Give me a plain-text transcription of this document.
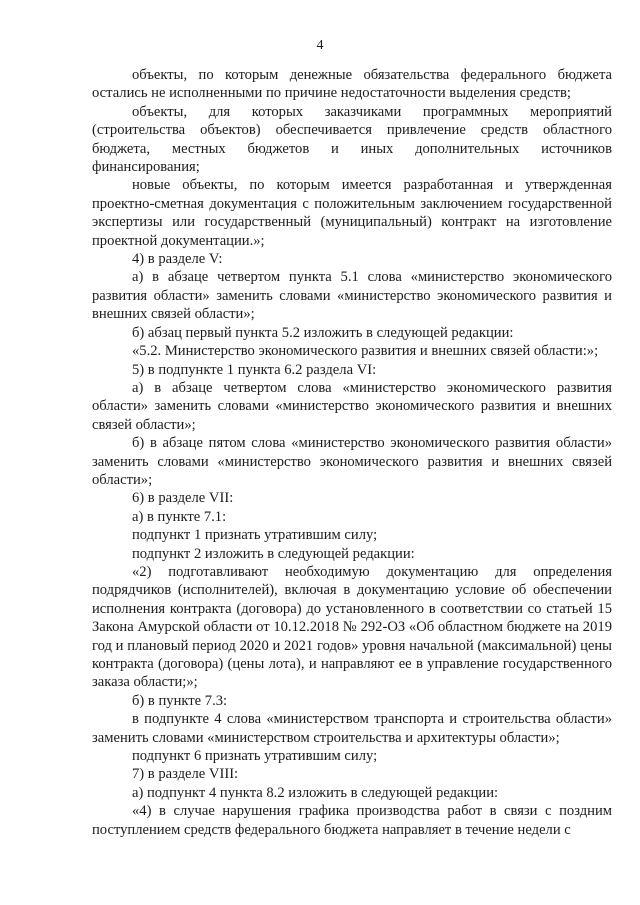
4

объекты, по которым денежные обязательства федерального бюджета остались не исполненными по причине недостаточности выделения средств;

объекты, для которых заказчиками программных мероприятий (строительства объектов) обеспечивается привлечение средств областного бюджета, местных бюджетов и иных дополнительных источников финансирования;

новые объекты, по которым имеется разработанная и утвержденная проектно-сметная документация с положительным заключением государственной экспертизы или государственный (муниципальный) контракт на изготовление проектной документации.»;

4) в разделе V:

а) в абзаце четвертом пункта 5.1 слова «министерство экономического развития области» заменить словами «министерство экономического развития и внешних связей области»;

б) абзац первый пункта 5.2 изложить в следующей редакции:

«5.2. Министерство экономического развития и внешних связей области:»;

5) в подпункте 1 пункта 6.2 раздела VI:

а) в абзаце четвертом слова «министерство экономического развития области» заменить словами «министерство экономического развития и внешних связей области»;

б) в абзаце пятом слова «министерство экономического развития области» заменить словами «министерство экономического развития и внешних связей области»;

6) в разделе VII:

а) в пункте 7.1:

подпункт 1 признать утратившим силу;

подпункт 2 изложить в следующей редакции:

«2) подготавливают необходимую документацию для определения подрядчиков (исполнителей), включая в документацию условие об обеспечении исполнения контракта (договора) до установленного в соответствии со статьей 15 Закона Амурской области от 10.12.2018 № 292-ОЗ «Об областном бюджете на 2019 год и плановый период 2020 и 2021 годов» уровня начальной (максимальной) цены контракта (договора) (цены лота), и направляют ее в управление государственного заказа области;»;

б) в пункте 7.3:

в подпункте 4 слова «министерством транспорта и строительства области» заменить словами «министерством строительства и архитектуры области»;

подпункт 6 признать утратившим силу;

7) в разделе VIII:

а) подпункт 4 пункта 8.2 изложить в следующей редакции:

«4) в случае нарушения графика производства работ в связи с поздним поступлением средств федерального бюджета направляет в течение недели с
